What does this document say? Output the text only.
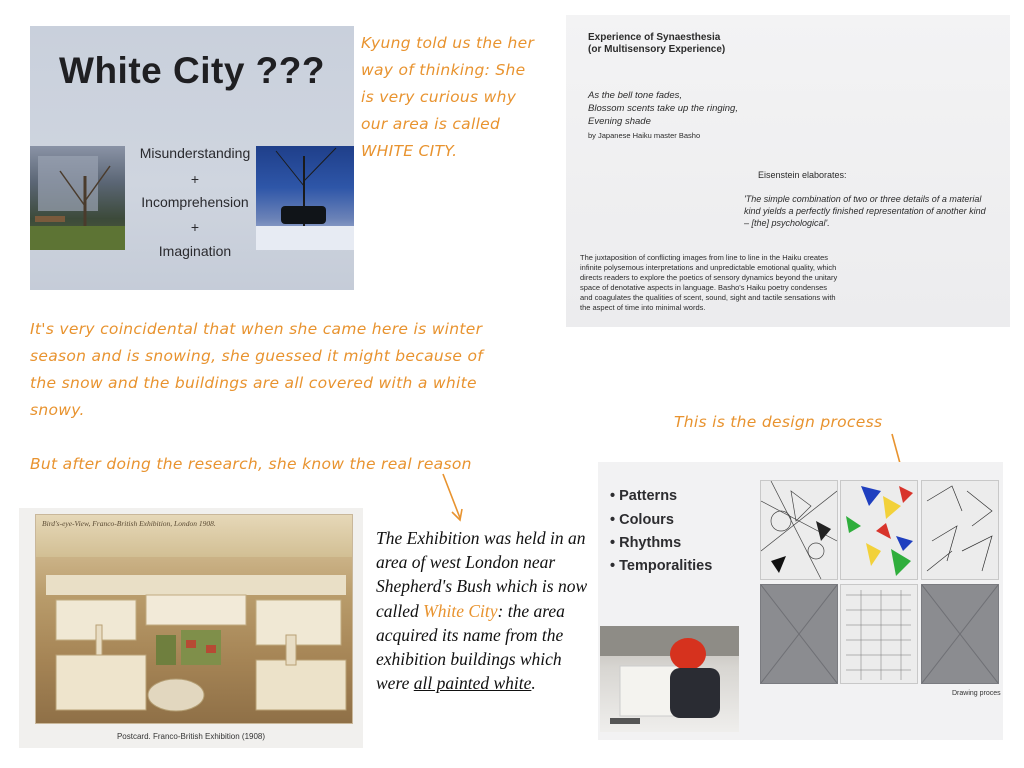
White City ???
Misunderstanding
+
Incomprehension
+
Imagination
Kyung told us the her
way of thinking: She
is very curious why
our area is called
WHITE CITY.
Experience of Synaesthesia
(or Multisensory Experience)
As the bell tone fades,
Blossom scents take up the ringing,
Evening shade
by Japanese Haiku master Basho
Eisenstein elaborates:
'The simple combination of two or three details of a material
kind yields a perfectly finished representation of another kind
– [the] psychological'.
The juxtaposition of conflicting images from line to line in the Haiku creates
infinite polysemous interpretations and unpredictable emotional quality, which
directs readers to explore the poetics of sensory dynamics beyond the unitary
space of denotative aspects in language. Basho's Haiku poetry condenses
and coagulates the qualities of scent, sound, sight and tactile sensations with
the aspect of time into minimal words.
It's very coincidental that when she came here is winter
season and is snowing, she guessed it might because of
the snow and the buildings are all covered with a white
snowy.
But after doing the research, she know the real reason
This is the design process
Bird's-eye-View, Franco-British Exhibition, London 1908.
Postcard. Franco-British Exhibition (1908)
The Exhibition was held in an area of west London near Shepherd's Bush which is now called White City: the area acquired its name from the exhibition buildings which were all painted white.
• Patterns
• Colours
• Rhythms
• Temporalities
Drawing proces
